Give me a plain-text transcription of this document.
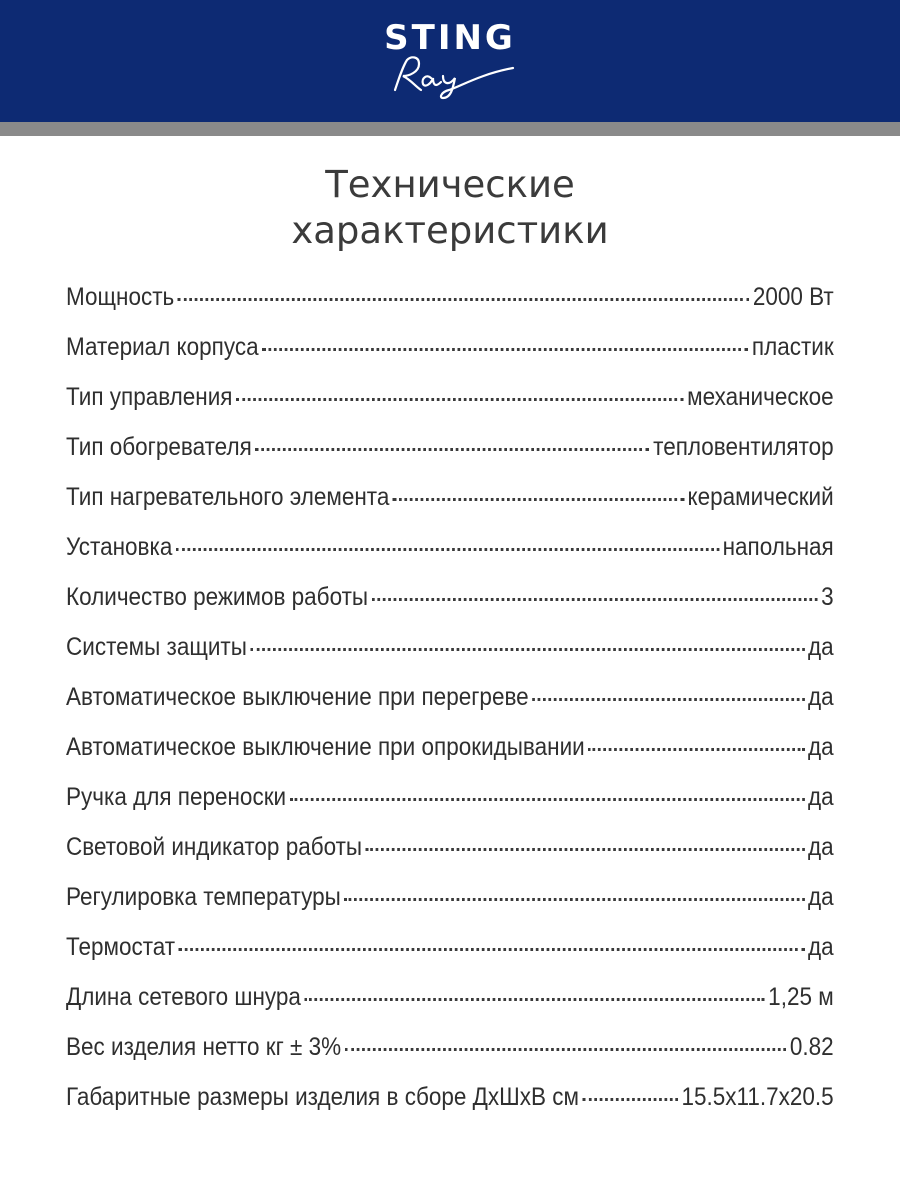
STING
Технические
характеристики
Мощность	2000 Вт
Материал корпуса	пластик
Тип управления	механическое
Тип обогревателя	тепловентилятор
Тип нагревательного элемента	керамический
Установка	напольная
Количество режимов работы	3
Системы защиты	да
Автоматическое выключение при перегреве	да
Автоматическое выключение при опрокидывании	да
Ручка для переноски	да
Световой индикатор работы	да
Регулировка температуры	да
Термостат	да
Длина сетевого шнура	1,25 м
Вес изделия нетто кг ± 3%	0.82
Габаритные размеры изделия в сборе ДхШхВ см	15.5x11.7x20.5
